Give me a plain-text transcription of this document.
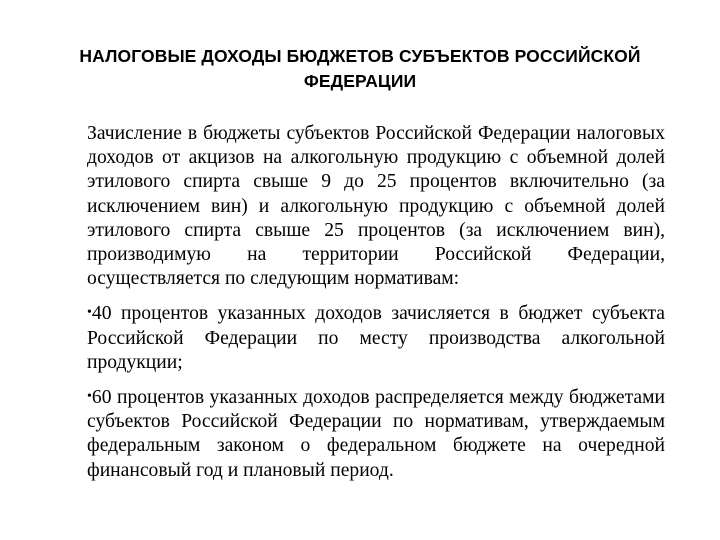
НАЛОГОВЫЕ ДОХОДЫ БЮДЖЕТОВ СУБЪЕКТОВ РОССИЙСКОЙ
ФЕДЕРАЦИИ

Зачисление в бюджеты субъектов Российской Федерации налоговых доходов от акцизов на алкогольную продукцию с объемной долей этилового спирта свыше 9 до 25 процентов включительно (за исключением вин) и алкогольную продукцию с объемной долей этилового спирта свыше 25 процентов (за исключением вин), производимую на территории Российской Федерации, осуществляется по следующим нормативам:

•40 процентов указанных доходов зачисляется в бюджет субъекта Российской Федерации по месту производства алкогольной продукции;
•60 процентов указанных доходов распределяется между бюджетами субъектов Российской Федерации по нормативам, утверждаемым федеральным законом о федеральном бюджете на очередной финансовый год и плановый период.
